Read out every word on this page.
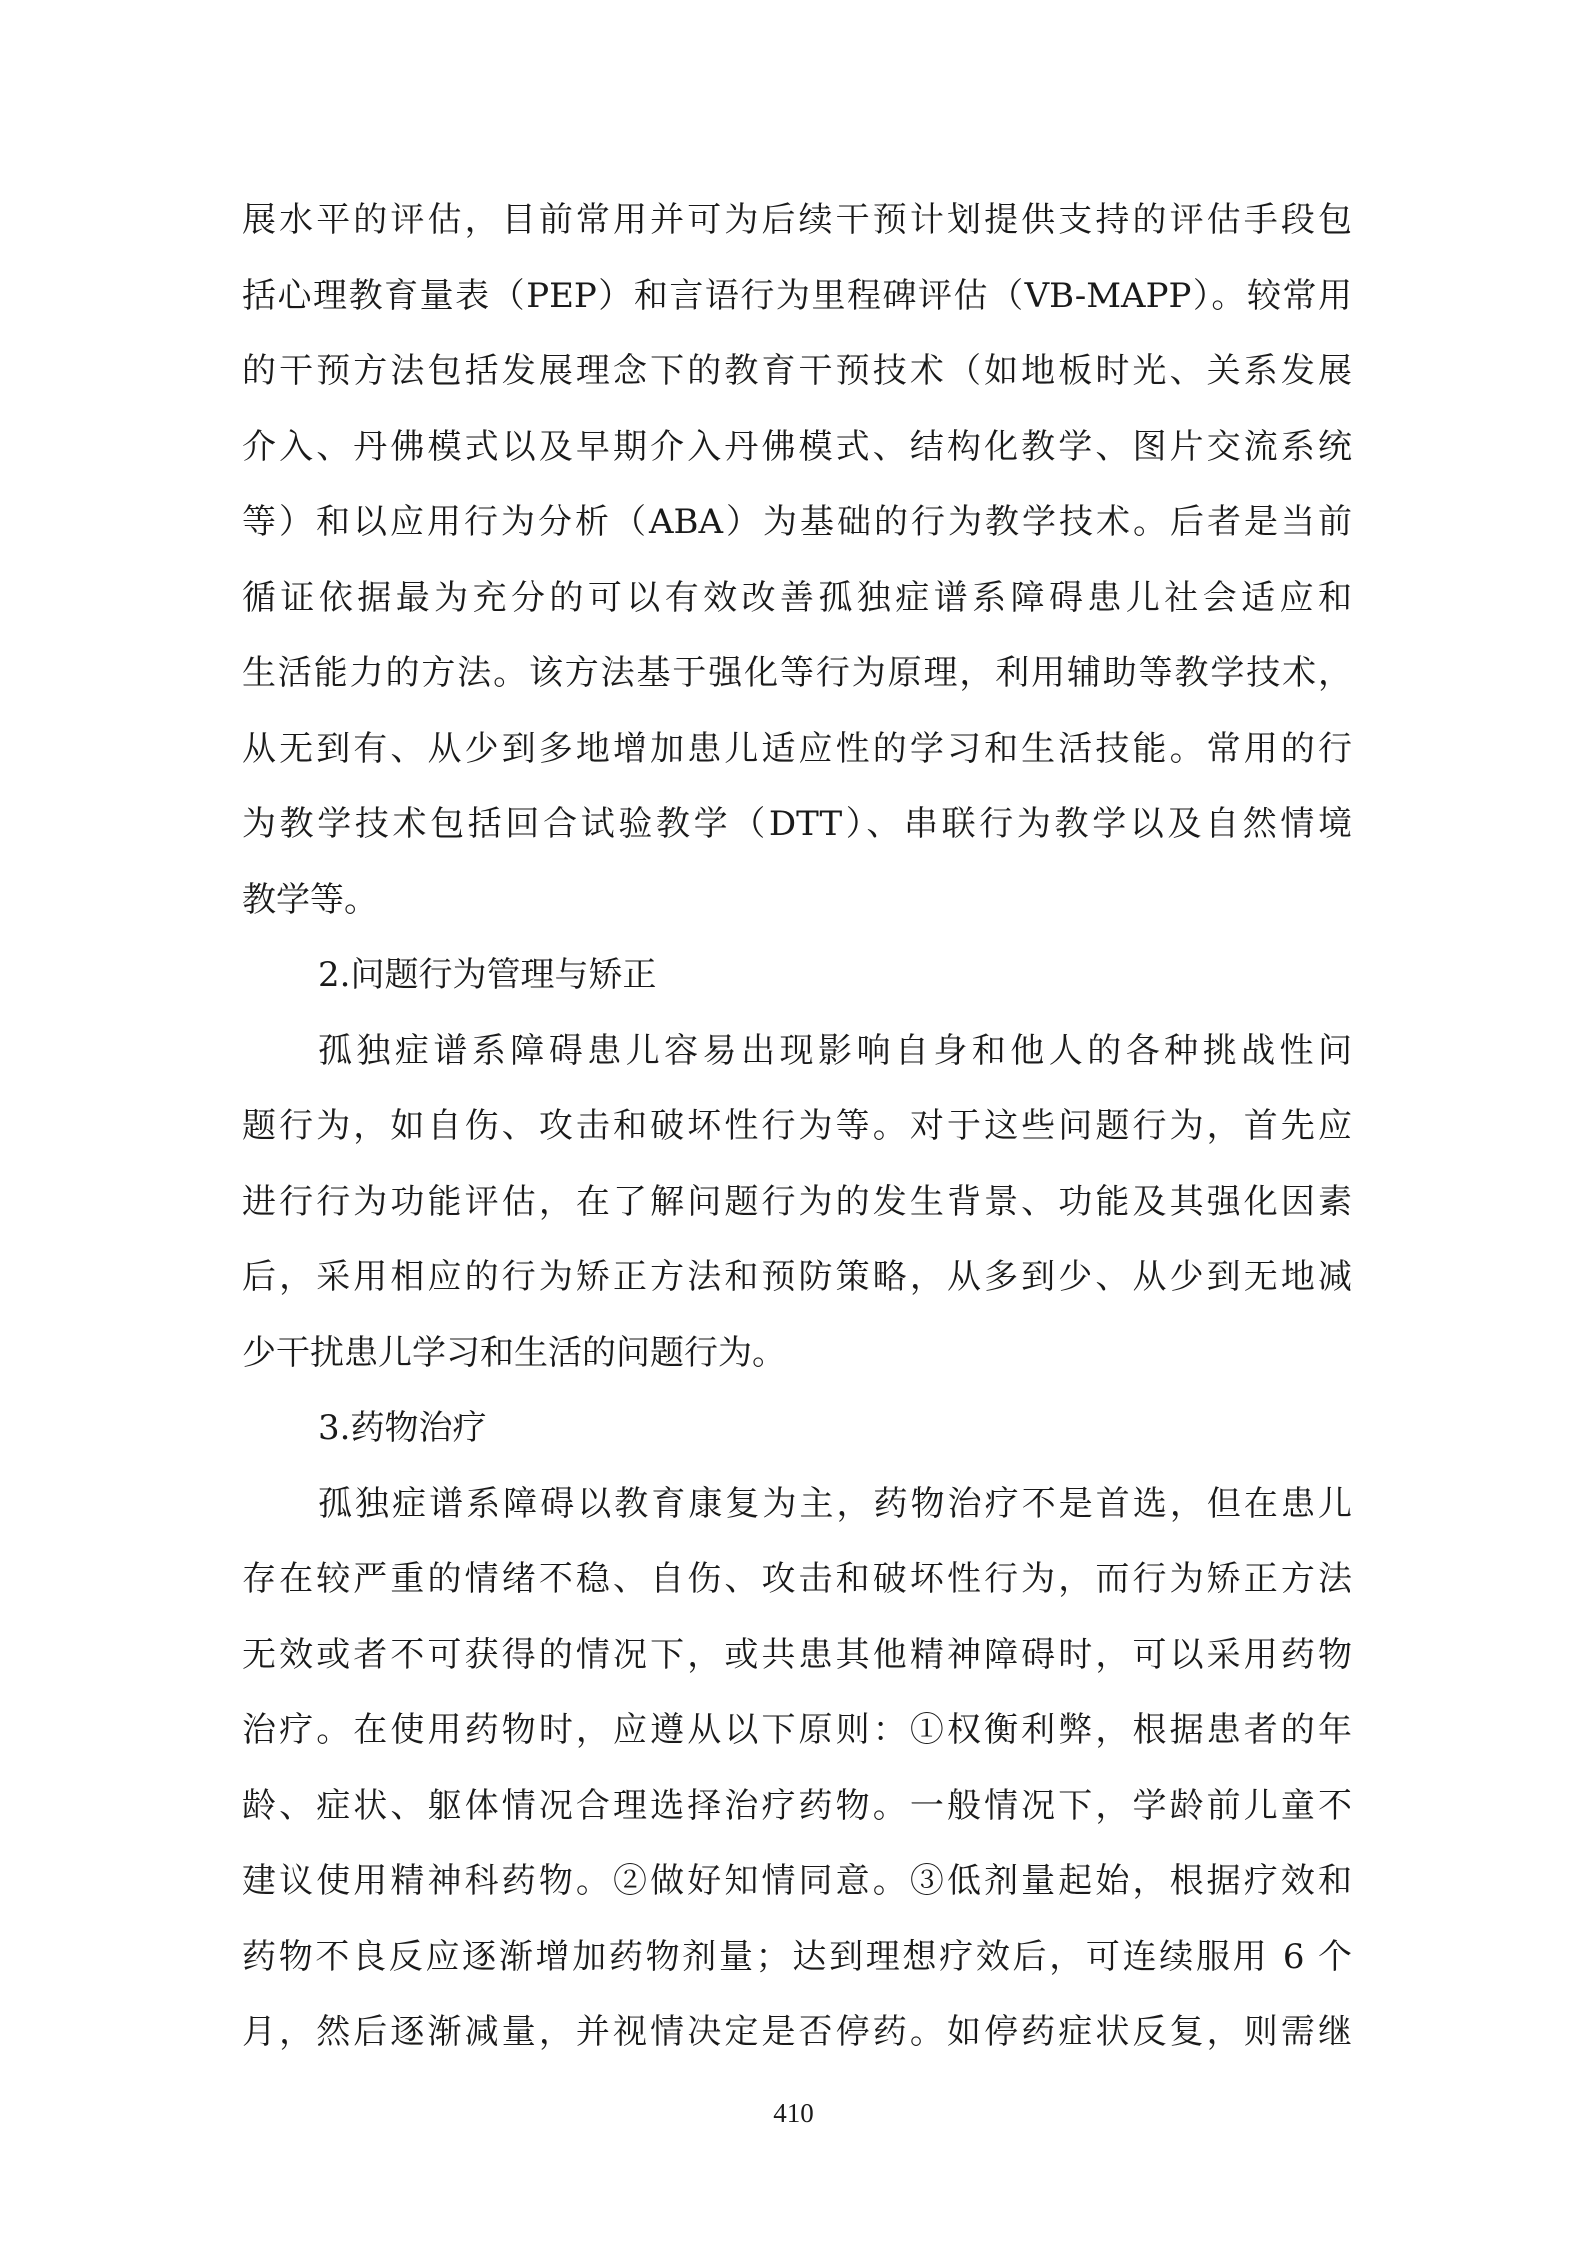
展水平的评估，目前常用并可为后续干预计划提供支持的评估手段包
括心理教育量表（PEP）和言语行为里程碑评估（VB-MAPP）。较常用
的干预方法包括发展理念下的教育干预技术（如地板时光、关系发展
介入、丹佛模式以及早期介入丹佛模式、结构化教学、图片交流系统
等）和以应用行为分析（ABA）为基础的行为教学技术。后者是当前
循证依据最为充分的可以有效改善孤独症谱系障碍患儿社会适应和
生活能力的方法。该方法基于强化等行为原理，利用辅助等教学技术，
从无到有、从少到多地增加患儿适应性的学习和生活技能。常用的行
为教学技术包括回合试验教学（DTT）、串联行为教学以及自然情境
教学等。
2.问题行为管理与矫正
孤独症谱系障碍患儿容易出现影响自身和他人的各种挑战性问
题行为，如自伤、攻击和破坏性行为等。对于这些问题行为，首先应
进行行为功能评估，在了解问题行为的发生背景、功能及其强化因素
后，采用相应的行为矫正方法和预防策略，从多到少、从少到无地减
少干扰患儿学习和生活的问题行为。
3.药物治疗
孤独症谱系障碍以教育康复为主，药物治疗不是首选，但在患儿
存在较严重的情绪不稳、自伤、攻击和破坏性行为，而行为矫正方法
无效或者不可获得的情况下，或共患其他精神障碍时，可以采用药物
治疗。在使用药物时，应遵从以下原则：①权衡利弊，根据患者的年
龄、症状、躯体情况合理选择治疗药物。一般情况下，学龄前儿童不
建议使用精神科药物。②做好知情同意。③低剂量起始，根据疗效和
药物不良反应逐渐增加药物剂量；达到理想疗效后，可连续服用 6 个
月，然后逐渐减量，并视情决定是否停药。如停药症状反复，则需继
410
